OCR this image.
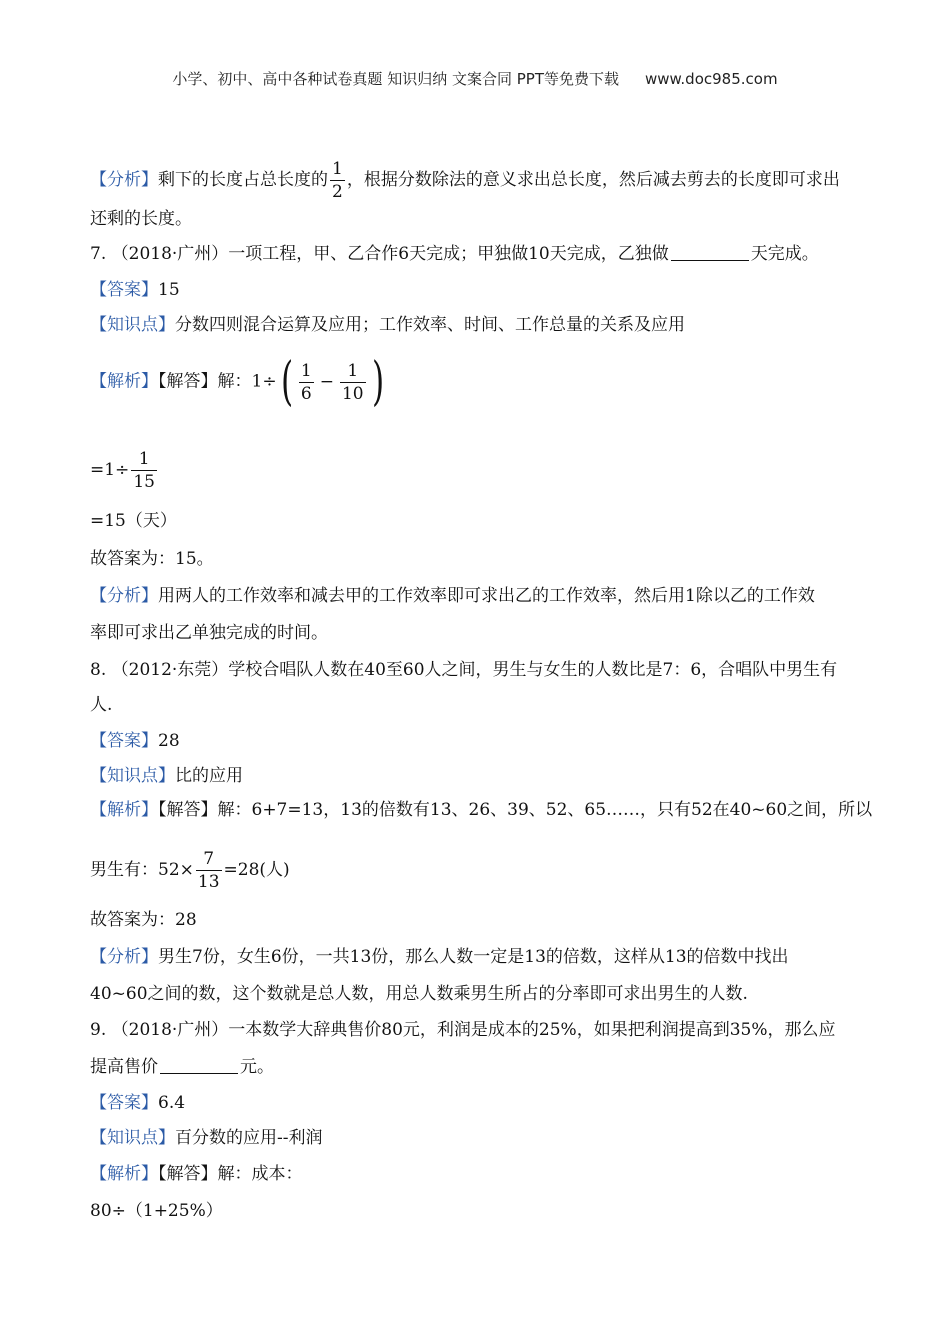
小学、初中、高中各种试卷真题 知识归纳 文案合同 PPT等免费下载 www.doc985.com
【分析】剩下的长度占总长度的 $\frac{1}{2}$ ，根据分数除法的意义求出总长度，然后减去剪去的长度即可求出
还剩的长度。
7. （2018·广州）一项工程，甲、乙合作6天完成；甲独做10天完成，乙独做	天完成。
【答案】15
【知识点】分数四则混合运算及应用；工作效率、时间、工作总量的关系及应用
【解析】【解答】解：1÷ ( $\frac{1}{6} - \frac{1}{10}$ )
$=1\div \frac{1}{15}$
=15（天）
故答案为：15。
【分析】用两人的工作效率和减去甲的工作效率即可求出乙的工作效率，然后用1除以乙的工作效
率即可求出乙单独完成的时间。
8. （2012·东莞）学校合唱队人数在40至60人之间，男生与女生的人数比是7：6，合唱队中男生有
人.
【答案】28
【知识点】比的应用
【解析】【解答】解：6+7=13，13的倍数有13、26、39、52、65……，只有52在40~60之间，所以
男生有：$52\times \frac{7}{13} =28$(人)
故答案为：28
【分析】男生7份，女生6份，一共13份，那么人数一定是13的倍数，这样从13的倍数中找出
40~60之间的数，这个数就是总人数，用总人数乘男生所占的分率即可求出男生的人数.
9. （2018·广州）一本数学大辞典售价80元，利润是成本的25%，如果把利润提高到35%，那么应
提高售价	元。
【答案】6.4
【知识点】百分数的应用--利润
【解析】【解答】解：成本：
80÷（1+25%）
